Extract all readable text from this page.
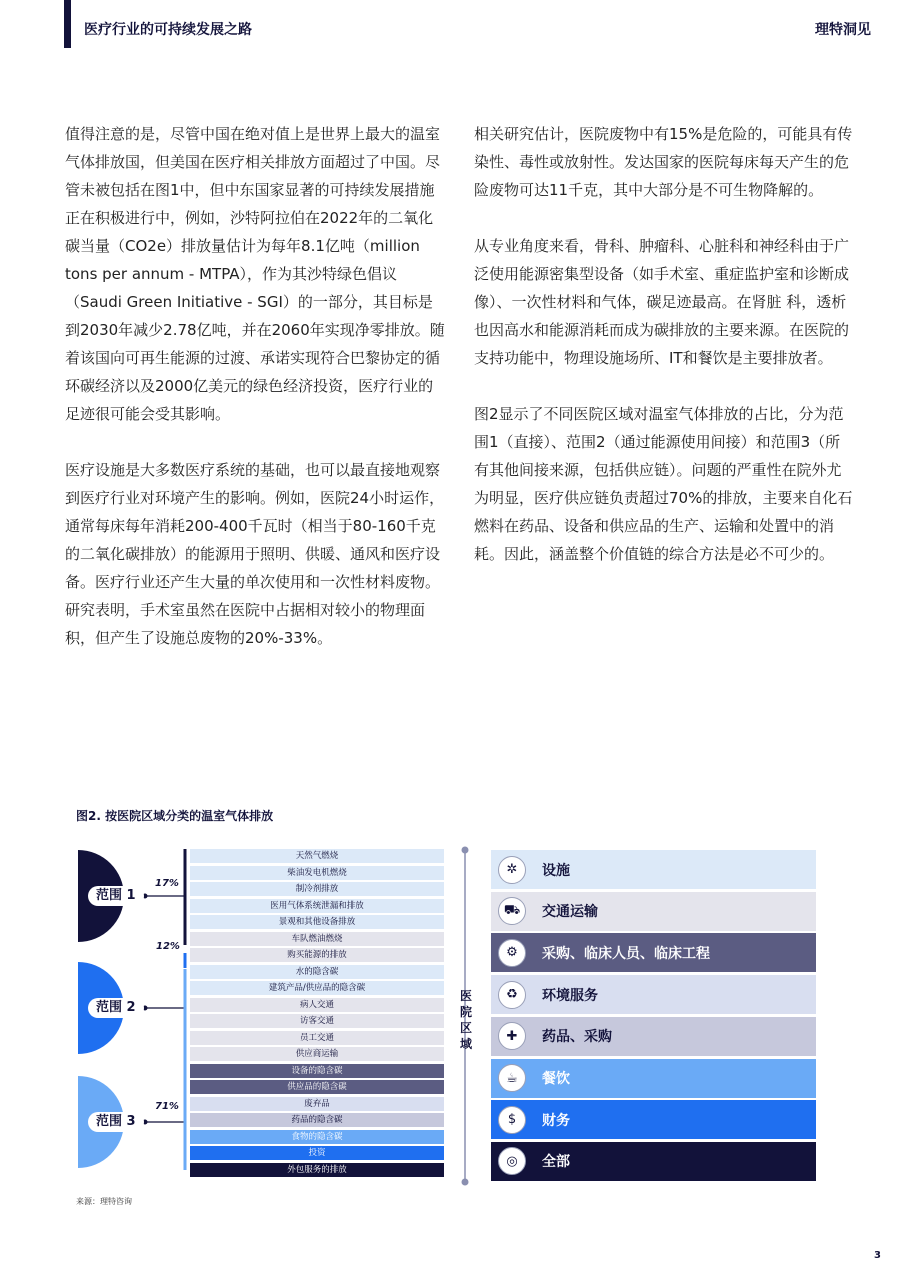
医疗行业的可持续发展之路	理特洞见

值得注意的是，尽管中国在绝对值上是世界上最大的温室气体排放国，但美国在医疗相关排放方面超过了中国。尽管未被包括在图1中，但中东国家显著的可持续发展措施正在积极进行中，例如，沙特阿拉伯在2022年的二氧化碳当量（CO2e）排放量估计为每年8.1亿吨（million tons per annum - MTPA），作为其沙特绿色倡议（Saudi Green Initiative - SGI）的一部分，其目标是到2030年减少2.78亿吨，并在2060年实现净零排放。随着该国向可再生能源的过渡、承诺实现符合巴黎协定的循环碳经济以及2000亿美元的绿色经济投资，医疗行业的足迹很可能会受其影响。

医疗设施是大多数医疗系统的基础，也可以最直接地观察到医疗行业对环境产生的影响。例如，医院24小时运作，通常每床每年消耗200-400千瓦时（相当于80-160千克的二氧化碳排放）的能源用于照明、供暖、通风和医疗设 备。医疗行业还产生大量的单次使用和一次性材料废物。研究表明，手术室虽然在医院中占据相对较小的物理面积，但产生了设施总废物的20%-33%。

相关研究估计，医院废物中有15%是危险的，可能具有传染性、毒性或放射性。发达国家的医院每床每天产生的危险废物可达11千克，其中大部分是不可生物降解的。

从专业角度来看，骨科、肿瘤科、心脏科和神经科由于广泛使用能源密集型设备（如手术室、重症监护室和诊断成像）、一次性材料和气体，碳足迹最高。在肾脏 科，透析也因高水和能源消耗而成为碳排放的主要来源。在医院的支持功能中，物理设施场所、IT和餐饮是主要排放者。

图2显示了不同医院区域对温室气体排放的占比，分为范围1（直接）、范围2（通过能源使用间接）和范围3（所有其他间接来源，包括供应链）。问题的严重性在院外尤为明显，医疗供应链负责超过70%的排放，主要来自化石燃料在药品、设备和供应品的生产、运输和处置中的消耗。因此，涵盖整个价值链的综合方法是必不可少的。

图2. 按医院区域分类的温室气体排放
范围 1
17%
范围 2
12%
范围 3
71%
天然气燃烧
柴油发电机燃烧
制冷剂排放
医用气体系统泄漏和排放
景观和其他设备排放
车队燃油燃烧
购买能源的排放
水的隐含碳
建筑产品/供应品的隐含碳
病人交通
访客交通
员工交通
供应商运输
设备的隐含碳
供应品的隐含碳
废弃品
药品的隐含碳
食物的隐含碳
投资
外包服务的排放
✲	设施
⛟	交通运输
⚙	采购、临床人员、临床工程
♻	环境服务
✚	药品、采购
☕	餐饮
$	财务
◎	全部
医
院
区
域
来源：理特咨询
3
